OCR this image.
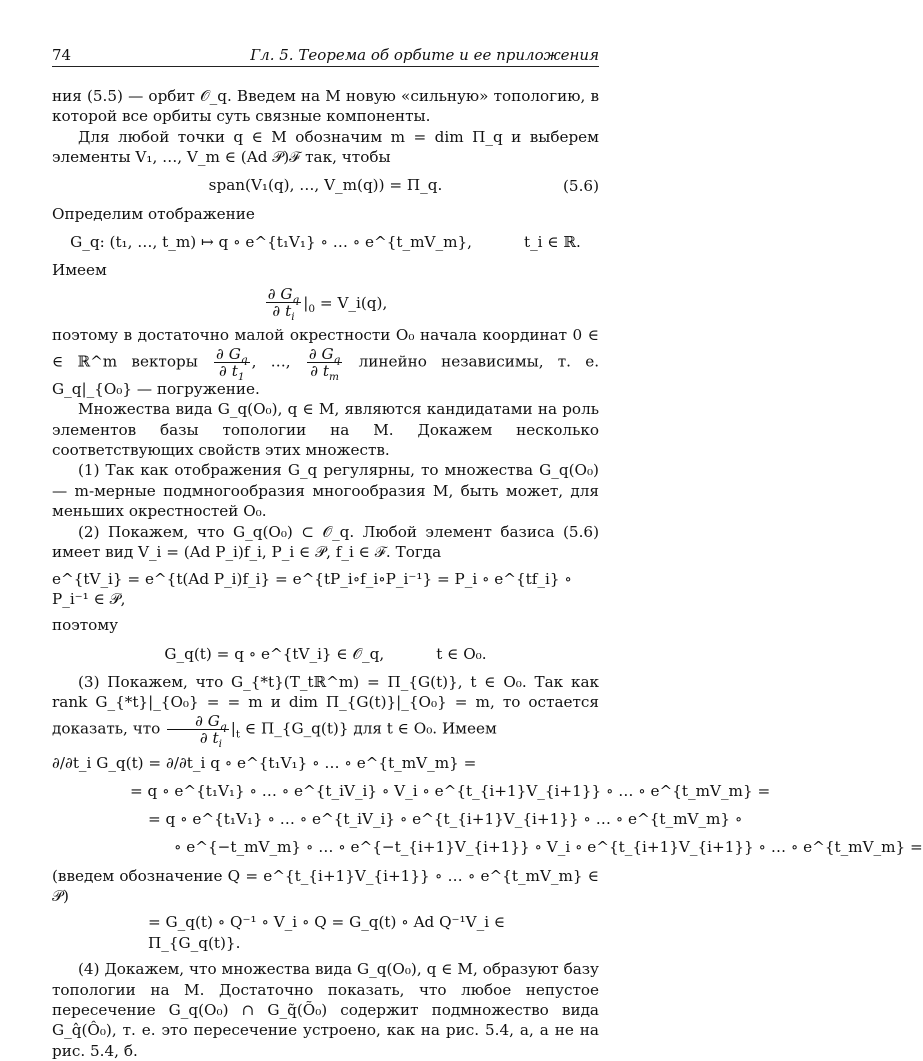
74	Гл. 5. Теорема об орбите и ее приложения

ния (5.5) — орбит 𝒪_q. Введем на M новую «сильную» топологию, в которой все орбиты суть связные компоненты.

Для любой точки q ∈ M обозначим m = dim Π_q и выберем элементы V₁, …, V_m ∈ (Ad 𝒫)ℱ так, чтобы

span(V₁(q), …, V_m(q)) = Π_q.	(5.6)

Определим отображение

G_q: (t₁, …, t_m) ↦ q ∘ e^{t₁V₁} ∘ … ∘ e^{t_mV_m},	t_i ∈ ℝ.

Имеем

$\frac{\partial G_q}{\partial t_i} |_0$ = V_i(q),

поэтому в достаточно малой окрестности O₀ начала координат 0 ∈ ∈ ℝ^m векторы $\frac{\partial G_q}{\partial t_1}$ , …, $\frac{\partial G_q}{\partial t_m}$ линейно независимы, т. е. G_q|_{O₀} — погружение.

Множества вида G_q(O₀), q ∈ M, являются кандидатами на роль элементов базы топологии на M. Докажем несколько соответствующих свойств этих множеств.

(1) Так как отображения G_q регулярны, то множества G_q(O₀) — m-мерные подмногообразия многообразия M, быть может, для меньших окрестностей O₀.

(2) Покажем, что G_q(O₀) ⊂ 𝒪_q. Любой элемент базиса (5.6) имеет вид V_i = (Ad P_i)f_i, P_i ∈ 𝒫, f_i ∈ ℱ. Тогда

e^{tV_i} = e^{t(Ad P_i)f_i} = e^{tP_i∘f_i∘P_i⁻¹} = P_i ∘ e^{tf_i} ∘ P_i⁻¹ ∈ 𝒫,

поэтому

G_q(t) = q ∘ e^{tV_i} ∈ 𝒪_q,	t ∈ O₀.

(3) Покажем, что G_{*t}(T_tℝ^m) = Π_{G(t)}, t ∈ O₀. Так как rank G_{*t}|_{O₀} = = m и dim Π_{G(t)}|_{O₀} = m, то остается доказать, что $\frac{\partial G_q}{\partial t_i} |_t$ ∈ Π_{G_q(t)} для t ∈ O₀. Имеем

∂/∂t_i G_q(t) = ∂/∂t_i q ∘ e^{t₁V₁} ∘ … ∘ e^{t_mV_m} =
= q ∘ e^{t₁V₁} ∘ … ∘ e^{t_iV_i} ∘ V_i ∘ e^{t_{i+1}V_{i+1}} ∘ … ∘ e^{t_mV_m} =
= q ∘ e^{t₁V₁} ∘ … ∘ e^{t_iV_i} ∘ e^{t_{i+1}V_{i+1}} ∘ … ∘ e^{t_mV_m} ∘
∘ e^{−t_mV_m} ∘ … ∘ e^{−t_{i+1}V_{i+1}} ∘ V_i ∘ e^{t_{i+1}V_{i+1}} ∘ … ∘ e^{t_mV_m} =

(введем обозначение Q = e^{t_{i+1}V_{i+1}} ∘ … ∘ e^{t_mV_m} ∈ 𝒫)

= G_q(t) ∘ Q⁻¹ ∘ V_i ∘ Q = G_q(t) ∘ Ad Q⁻¹V_i ∈ Π_{G_q(t)}.

(4) Докажем, что множества вида G_q(O₀), q ∈ M, образуют базу топологии на M. Достаточно показать, что любое непустое пересечение G_q(O₀) ∩ G_q̃(Õ₀) содержит подмножество вида G_q̂(Ô₀), т. е. это пересечение устроено, как на рис. 5.4, а, а не на рис. 5.4, б.
